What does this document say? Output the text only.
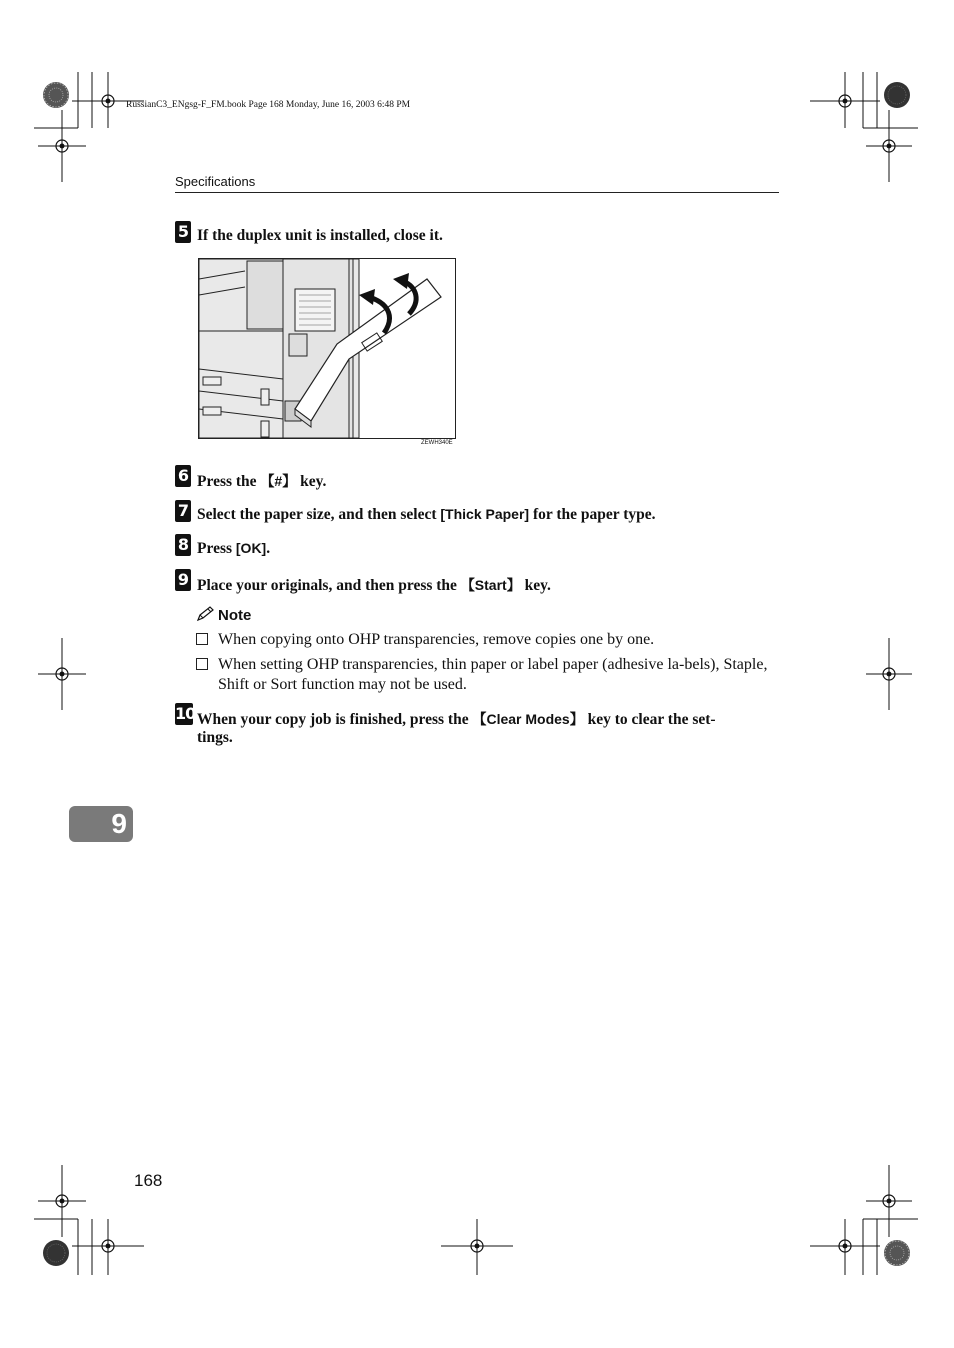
RussianC3_ENgsg-F_FM.book Page 168 Monday, June 16, 2003 6:48 PM
Specifications
5 If the duplex unit is installed, close it.
ZEWH340E
6 Press the 【#】 key.
7 Select the paper size, and then select [Thick Paper] for the paper type.
8 Press [OK].
9 Place your originals, and then press the 【Start】 key.
Note
When copying onto OHP transparencies, remove copies one by one.
When setting OHP transparencies, thin paper or label paper (adhesive la-bels), Staple, Shift or Sort function may not be used.
10 When your copy job is finished, press the 【Clear Modes】 key to clear the set-
tings.
9
168
